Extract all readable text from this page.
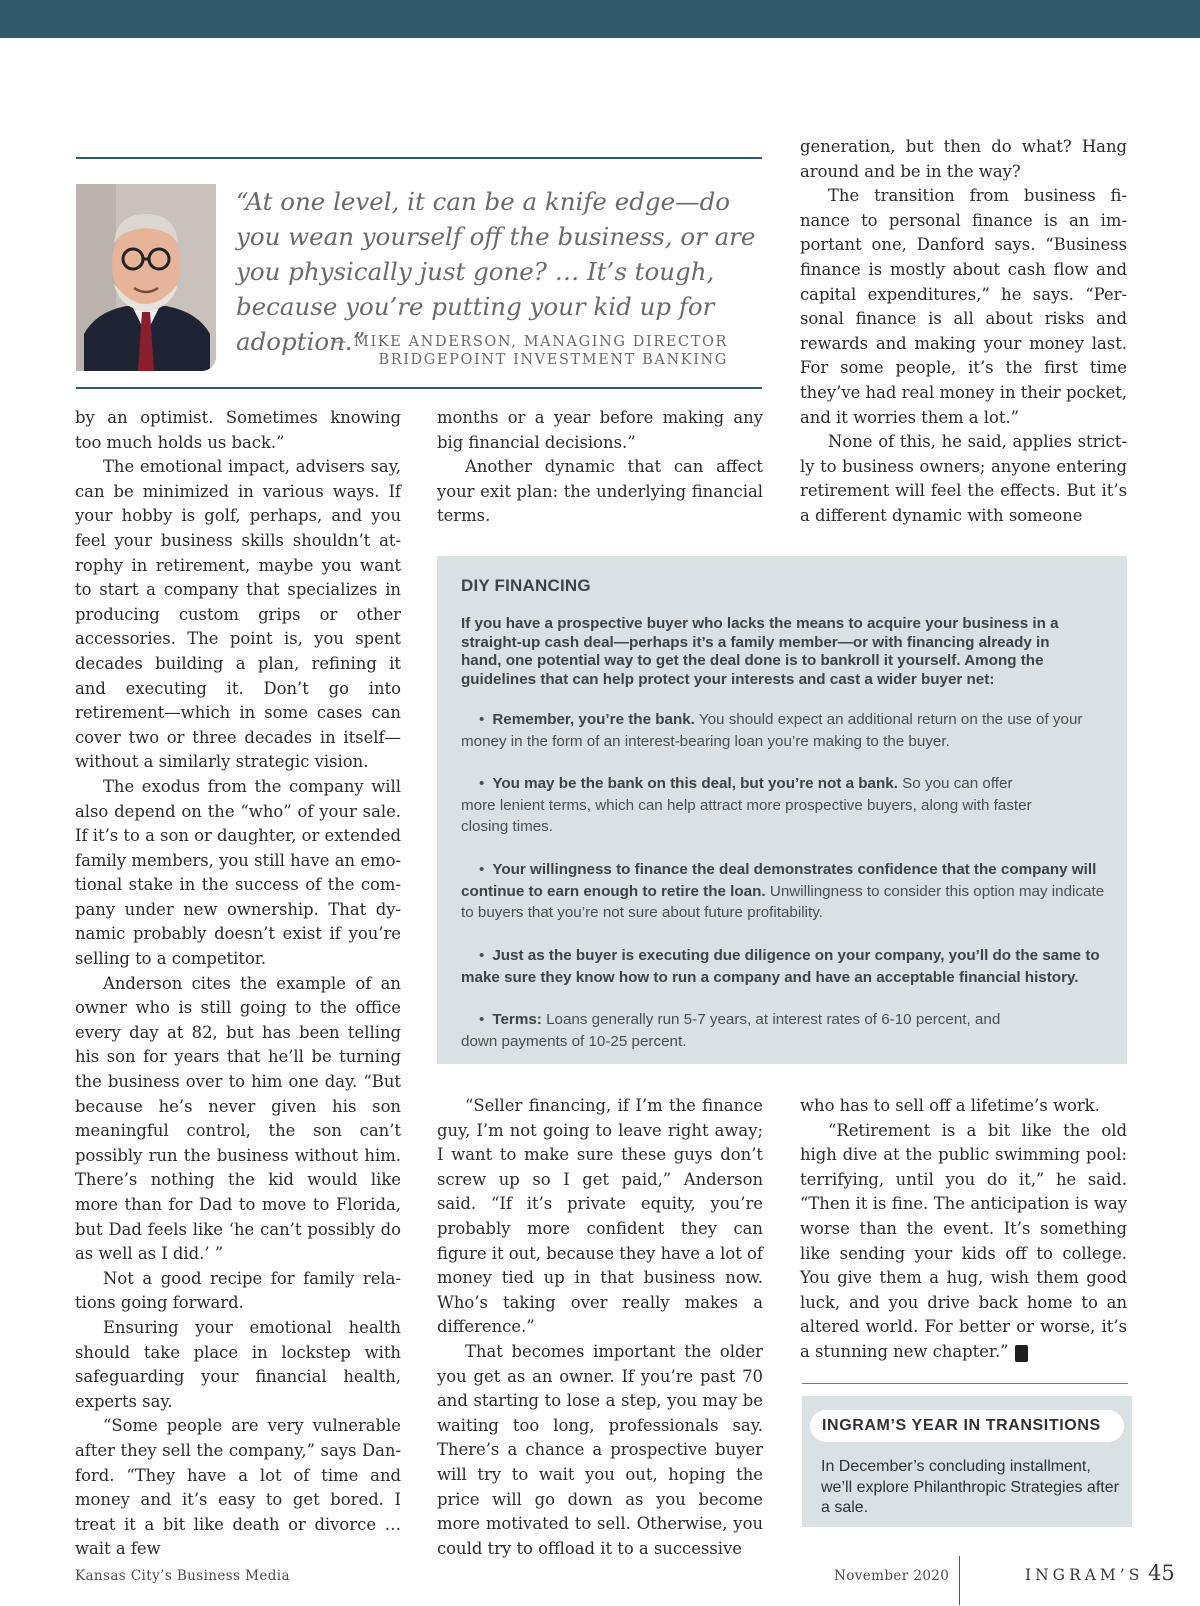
“At one level, it can be a knife edge—do you wean yourself off the business, or are you physically just gone? … It’s tough, because you’re putting your kid up for adoption.”
— MIKE ANDERSON, MANAGING DIRECTOR
BRIDGEPOINT INVESTMENT BANKING

by an optimist. Sometimes knowing too much holds us back.”

The emotional impact, advisers say, can be minimized in various ways. If your hobby is golf, perhaps, and you feel your business skills shouldn’t atrophy in retirement, maybe you want to start a company that specializes in producing custom grips or other accessories. The point is, you spent decades building a plan, refining it and executing it. Don’t go into retirement—which in some cases can cover two or three decades in itself—without a similarly strategic vision.

The exodus from the company will also depend on the “who” of your sale. If it’s to a son or daughter, or extended family members, you still have an emotional stake in the success of the company under new ownership. That dynamic probably doesn’t exist if you’re selling to a competitor.

Anderson cites the example of an owner who is still going to the office every day at 82, but has been telling his son for years that he’ll be turning the business over to him one day. “But because he’s never given his son meaningful control, the son can’t possibly run the business without him. There’s nothing the kid would like more than for Dad to move to Florida, but Dad feels like ‘he can’t possibly do as well as I did.’ ”

Not a good recipe for family relations going forward.

Ensuring your emotional health should take place in lockstep with safeguarding your financial health, experts say.

“Some people are very vulnerable after they sell the company,” says Danford. “They have a lot of time and money and it’s easy to get bored. I treat it a bit like death or divorce … wait a few

months or a year before making any big financial decisions.”

Another dynamic that can affect your exit plan: the underlying financial terms.

generation, but then do what? Hang around and be in the way?

The transition from business finance to personal finance is an important one, Danford says. “Business finance is mostly about cash flow and capital expenditures,” he says. “Personal finance is all about risks and rewards and making your money last. For some people, it’s the first time they’ve had real money in their pocket, and it worries them a lot.”

None of this, he said, applies strictly to business owners; anyone entering retirement will feel the effects. But it’s a different dynamic with someone

DIY FINANCING
If you have a prospective buyer who lacks the means to acquire your business in a straight-up cash deal—perhaps it’s a family member—or with financing already in hand, one potential way to get the deal done is to bankroll it yourself. Among the guidelines that can help protect your interests and cast a wider buyer net:
• Remember, you’re the bank. You should expect an additional return on the use of your money in the form of an interest-bearing loan you’re making to the buyer.
• You may be the bank on this deal, but you’re not a bank. So you can offer more lenient terms, which can help attract more prospective buyers, along with faster closing times.
• Your willingness to finance the deal demonstrates confidence that the company will continue to earn enough to retire the loan. Unwillingness to consider this option may indicate to buyers that you’re not sure about future profitability.
• Just as the buyer is executing due diligence on your company, you’ll do the same to make sure they know how to run a company and have an acceptable financial history.
• Terms: Loans generally run 5-7 years, at interest rates of 6-10 percent, and down payments of 10-25 percent.

“Seller financing, if I’m the finance guy, I’m not going to leave right away; I want to make sure these guys don’t screw up so I get paid,” Anderson said. “If it’s private equity, you’re probably more confident they can figure it out, because they have a lot of money tied up in that business now. Who’s taking over really makes a difference.”

That becomes important the older you get as an owner. If you’re past 70 and starting to lose a step, you may be waiting too long, professionals say. There’s a chance a prospective buyer will try to wait you out, hoping the price will go down as you become more motivated to sell. Otherwise, you could try to offload it to a successive

who has to sell off a lifetime’s work.

“Retirement is a bit like the old high dive at the public swimming pool: terrifying, until you do it,” he said. “Then it is fine. The anticipation is way worse than the event. It’s something like sending your kids off to college. You give them a hug, wish them good luck, and you drive back home to an altered world. For better or worse, it’s a stunning new chapter.”	I

INGRAM’S YEAR IN TRANSITIONS
In December’s concluding installment, we’ll explore Philanthropic Strategies after a sale.
Kansas City’s Business Media	November 2020	INGRAM’S 45
